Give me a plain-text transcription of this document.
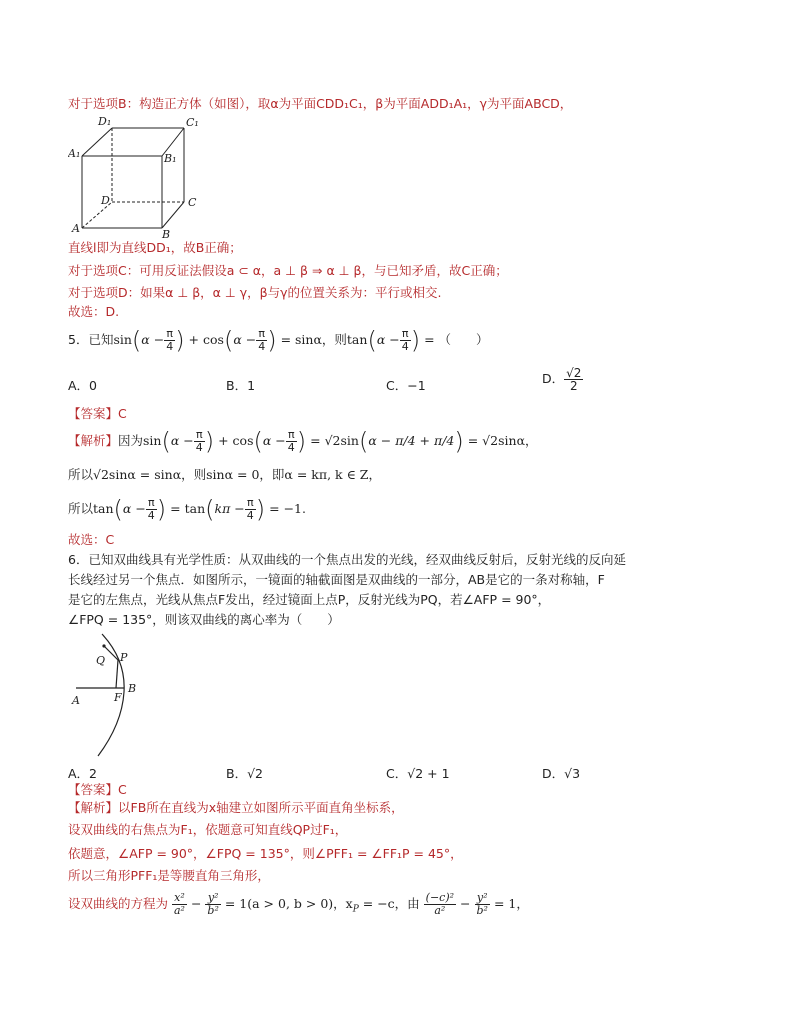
对于选项B：构造正方体（如图），取α为平面CDD₁C₁，β为平面ADD₁A₁，γ为平面ABCD，
D₁	C₁
A₁	B₁
D	C
A	B
直线l即为直线DD₁，故B正确；
对于选项C：可用反证法假设a ⊂ α，a ⊥ β ⇒ α ⊥ β，与已知矛盾，故C正确；
对于选项D：如果α ⊥ β，α ⊥ γ，β与γ的位置关系为：平行或相交.
故选：D.
5．已知$\sin(\alpha - \frac{\pi}{4}$ ) + $\cos(\alpha - \frac{\pi}{4}$ ) = sinα，则$\tan(\alpha - \frac{\pi}{4}$ ) = （　　）
A．0	B．1	C．−1	D． $\frac{√2}{2}$
【答案】C
【解析】因为$\sin(\alpha - \frac{\pi}{4}$ ) + $\cos(\alpha - \frac{\pi}{4}$ ) = √2sin(α − π/4 + π/4) = √2sinα，
所以√2sinα = sinα，则sinα = 0，即α = kπ, k ∈ Z，
所以$\tan(\alpha - \frac{\pi}{4}$ ) = $\tan(k\pi - \frac{\pi}{4}$ ) = −1.
故选：C
6．已知双曲线具有光学性质：从双曲线的一个焦点出发的光线，经双曲线反射后，反射光线的反向延
长线经过另一个焦点．如图所示，一镜面的轴截面图是双曲线的一部分，AB是它的一条对称轴，F
是它的左焦点，光线从焦点F发出，经过镜面上点P，反射光线为PQ，若∠AFP = 90°，
∠FPQ = 135°，则该双曲线的离心率为（　　）
Q P
A	F
B
A．2	B．√2	C．√2 + 1	D．√3
【答案】C
【解析】以FB所在直线为x轴建立如图所示平面直角坐标系，
设双曲线的右焦点为F₁，依题意可知直线QP过F₁，
依题意，∠AFP = 90°，∠FPQ = 135°，则∠PFF₁ = ∠FF₁P = 45°，
所以三角形PFF₁是等腰直角三角形，
设双曲线的方程为 $\frac{\text{x²}}{\text{a²}} - \frac{\text{y²}}{\text{b²}} = 1(a > 0$, b > 0)，$x_P = -c$，由 $\frac{\text{(−c)²}}{\text{a²}} - \frac{\text{y²}}{\text{b²}} = 1$，
